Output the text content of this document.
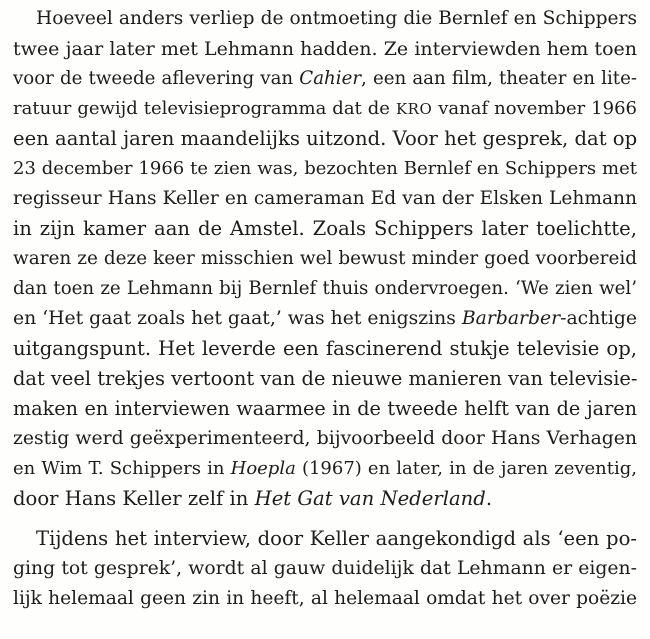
Hoeveel anders verliep de ontmoeting die Bernlef en Schippers
twee jaar later met Lehmann hadden. Ze interviewden hem toen
voor de tweede aflevering van Cahier, een aan film, theater en lite-
ratuur gewijd televisieprogramma dat de KRO vanaf november 1966
een aantal jaren maandelijks uitzond. Voor het gesprek, dat op
23 december 1966 te zien was, bezochten Bernlef en Schippers met
regisseur Hans Keller en cameraman Ed van der Elsken Lehmann
in zijn kamer aan de Amstel. Zoals Schippers later toelichtte,
waren ze deze keer misschien wel bewust minder goed voorbereid
dan toen ze Lehmann bij Bernlef thuis ondervroegen. ‘We zien wel’
en ‘Het gaat zoals het gaat,’ was het enigszins Barbarber-achtige
uitgangspunt. Het leverde een fascinerend stukje televisie op,
dat veel trekjes vertoont van de nieuwe manieren van televisie-
maken en interviewen waarmee in de tweede helft van de jaren
zestig werd geëxperimenteerd, bijvoorbeeld door Hans Verhagen
en Wim T. Schippers in Hoepla (1967) en later, in de jaren zeventig,
door Hans Keller zelf in Het Gat van Nederland.
Tijdens het interview, door Keller aangekondigd als ‘een po-
ging tot gesprek’, wordt al gauw duidelijk dat Lehmann er eigen-
lijk helemaal geen zin in heeft, al helemaal omdat het over poëzie
